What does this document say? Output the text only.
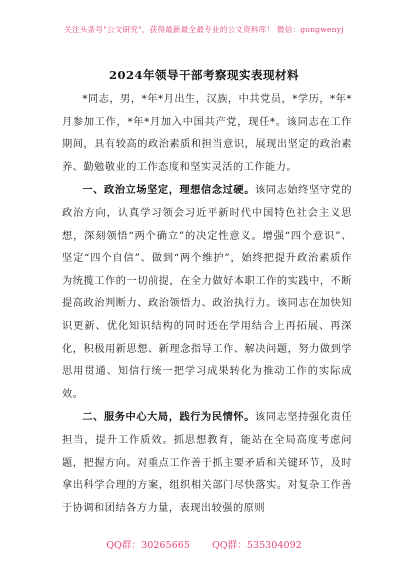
关注头条号"公文研究"，获得最新最全最专业的公文资料库！ 微信：gongwenyj
2024年领导干部考察现实表现材料

*同志，男，*年*月出生，汉族，中共党员，*学历，*年*月参加工作，*年*月加入中国共产党，现任*。该同志在工作期间，具有较高的政治素质和担当意识，展现出坚定的政治素养、勤勉敬业的工作态度和坚实灵活的工作能力。

一、政治立场坚定，理想信念过硬。该同志始终坚守党的政治方向，认真学习领会习近平新时代中国特色社会主义思想，深刻领悟“两个确立”的决定性意义。增强“四个意识”、坚定“四个自信”、做到“两个维护”，始终把提升政治素质作为统揽工作的一切前提，在全力做好本职工作的实践中，不断提高政治判断力、政治领悟力、政治执行力。该同志在加快知识更新、优化知识结构的同时还在学用结合上再拓展、再深化，积极用新思想、新理念指导工作、解决问题，努力做到学思用贯通、知信行统一把学习成果转化为推动工作的实际成效。

二、服务中心大局，践行为民情怀。该同志坚持强化责任担当，提升工作质效。抓思想教育，能站在全局高度考虑问题，把握方向。对重点工作善于抓主要矛盾和关键环节，及时拿出科学合理的方案，组织相关部门尽快落实。对复杂工作善于协调和团结各方力量，表现出较强的原则

QQ群：30265665 QQ群：535304092
